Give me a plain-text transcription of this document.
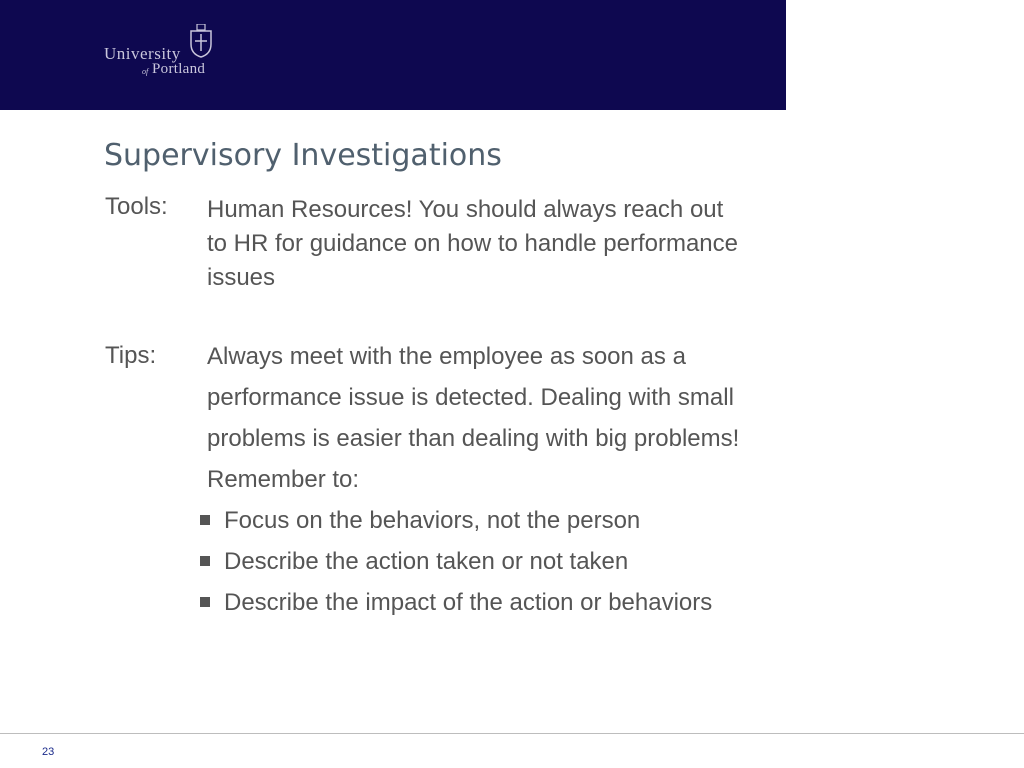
University
of Portland
Supervisory Investigations
Tools: Human Resources! You should always reach out
to HR for guidance on how to handle performance
issues
Tips: Always meet with the employee as soon as a
performance issue is detected. Dealing with small
problems is easier than dealing with big problems!
Remember to:
Focus on the behaviors, not the person
Describe the action taken or not taken
Describe the impact of the action or behaviors
23
